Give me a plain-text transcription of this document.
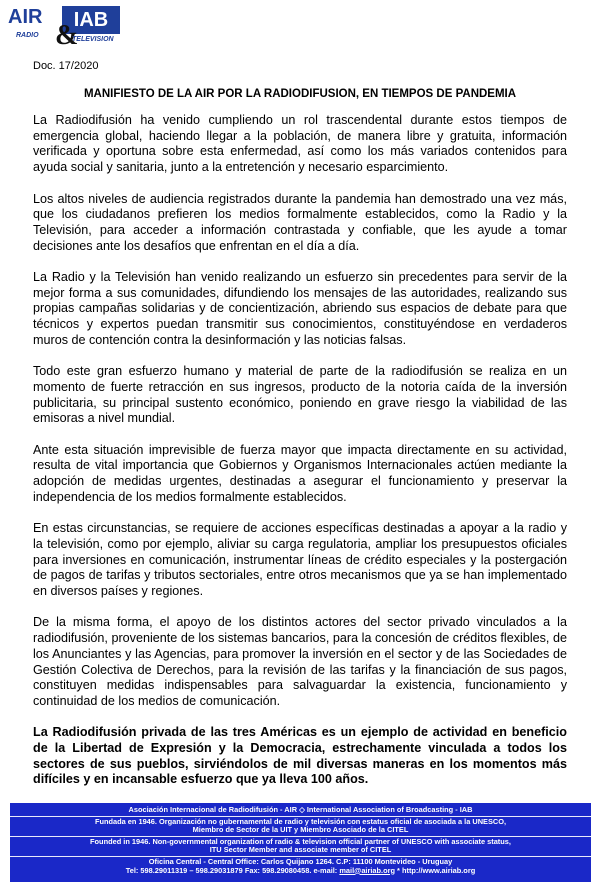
AIR	IAB
&
RADIO
TELEVISION
Doc. 17/2020
MANIFIESTO DE LA AIR POR LA RADIODIFUSION, EN TIEMPOS DE PANDEMIA

La Radiodifusión ha venido cumpliendo un rol trascendental durante estos tiempos de emergencia global, haciendo llegar a la población, de manera libre y gratuita, información verificada y oportuna sobre esta enfermedad, así como los más variados contenidos para ayuda social y sanitaria, junto a la entretención y necesario esparcimiento.

Los altos niveles de audiencia registrados durante la pandemia han demostrado una vez más, que los ciudadanos prefieren los medios formalmente establecidos, como la Radio y la Televisión, para acceder a información contrastada y confiable, que les ayude a tomar decisiones ante los desafíos que enfrentan en el día a día.

La Radio y la Televisión han venido realizando un esfuerzo sin precedentes para servir de la mejor forma a sus comunidades, difundiendo los mensajes de las autoridades, realizando sus propias campañas solidarias y de concientización, abriendo sus espacios de debate para que técnicos y expertos puedan transmitir sus conocimientos, constituyéndose en verdaderos muros de contención contra la desinformación y las noticias falsas.

Todo este gran esfuerzo humano y material de parte de la radiodifusión se realiza en un momento de fuerte retracción en sus ingresos, producto de la notoria caída de la inversión publicitaria, su principal sustento económico, poniendo en grave riesgo la viabilidad de las emisoras a nivel mundial.

Ante esta situación imprevisible de fuerza mayor que impacta directamente en su actividad, resulta de vital importancia que Gobiernos y Organismos Internacionales actúen mediante la adopción de medidas urgentes, destinadas a asegurar el funcionamiento y preservar la independencia de los medios formalmente establecidos.

En estas circunstancias, se requiere de acciones específicas destinadas a apoyar a la radio y la televisión, como por ejemplo, aliviar su carga regulatoria, ampliar los presupuestos oficiales para inversiones en comunicación, instrumentar líneas de crédito especiales y la postergación de pagos de tarifas y tributos sectoriales, entre otros mecanismos que ya se han implementado en diversos países y regiones.

De la misma forma, el apoyo de los distintos actores del sector privado vinculados a la radiodifusión, proveniente de los sistemas bancarios, para la concesión de créditos flexibles, de los Anunciantes y las Agencias, para promover la inversión en el sector y de las Sociedades de Gestión Colectiva de Derechos, para la revisión de las tarifas y la financiación de sus pagos, constituyen medidas indispensables para salvaguardar la existencia, funcionamiento y continuidad de los medios de comunicación.

La Radiodifusión privada de las tres Américas es un ejemplo de actividad en beneficio de la Libertad de Expresión y la Democracia, estrechamente vinculada a todos los sectores de sus pueblos, sirviéndolos de mil diversas maneras en los momentos más difíciles y en incansable esfuerzo que ya lleva 100 años.

Asociación Internacional de Radiodifusión - AIR ◇ International Association of Broadcasting - IAB
Fundada en 1946. Organización no gubernamental de radio y televisión con estatus oficial de asociada a la UNESCO,
Miembro de Sector de la UIT y Miembro Asociado de la CITEL
Founded in 1946. Non-governmental organization of radio & television official partner of UNESCO with associate status,
ITU Sector Member and associate member of CITEL
Oficina Central - Central Office: Carlos Quijano 1264. C.P: 11100 Montevideo - Uruguay
Tel: 598.29011319 – 598.29031879 Fax: 598.29080458. e-mail: mail@airiab.org * http://www.airiab.org
